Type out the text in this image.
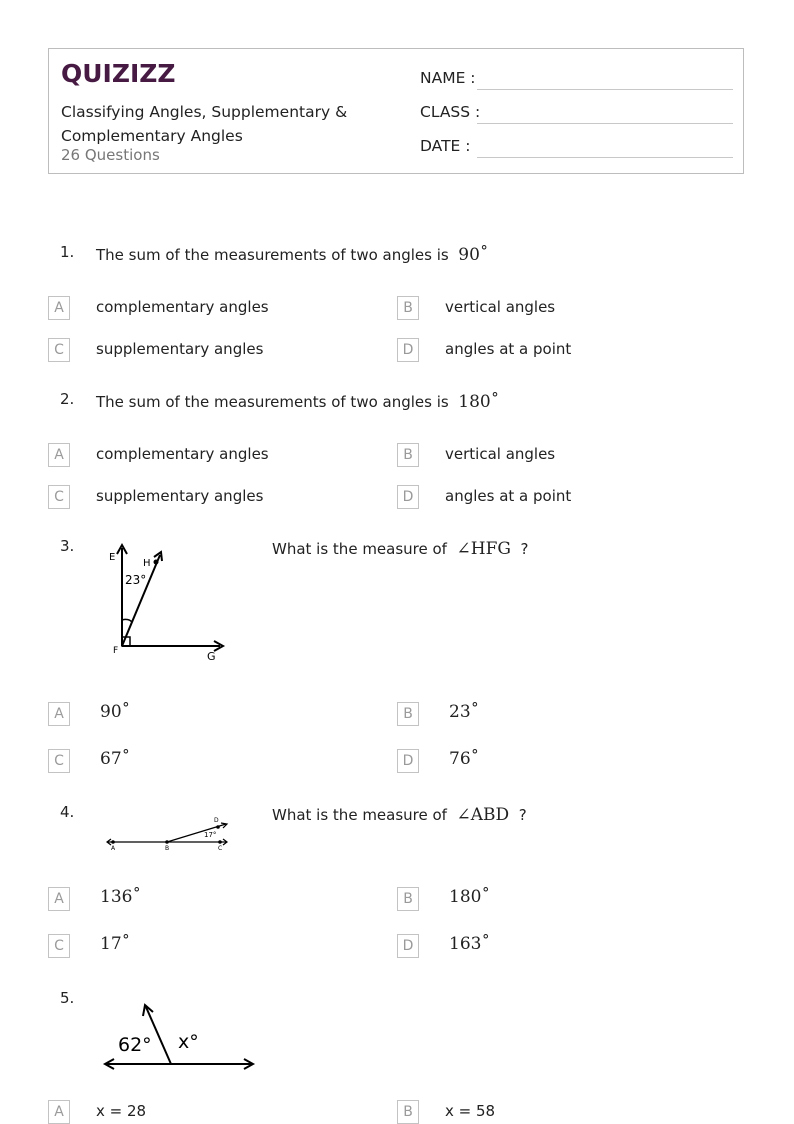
QUIZIZZ
Classifying Angles, Supplementary & Complementary Angles
26 Questions
NAME :
CLASS :
DATE :
1. The sum of the measurements of two angles is 90˚
A	complementary angles	B	vertical angles
C	supplementary angles	D	angles at a point
2. The sum of the measurements of two angles is 180˚
A	complementary angles	B	vertical angles
C	supplementary angles	D	angles at a point
3.
E
H
23°
F	G
What is the measure of ∠HFG ?
A	90˚	B	23˚
C	67˚	D	76˚
4.
A	B	C
D
17°
What is the measure of ∠ABD ?
A	136˚	B	180˚
C	17˚	D	163˚
5.
62° x°
A	x = 28	B	x = 58
